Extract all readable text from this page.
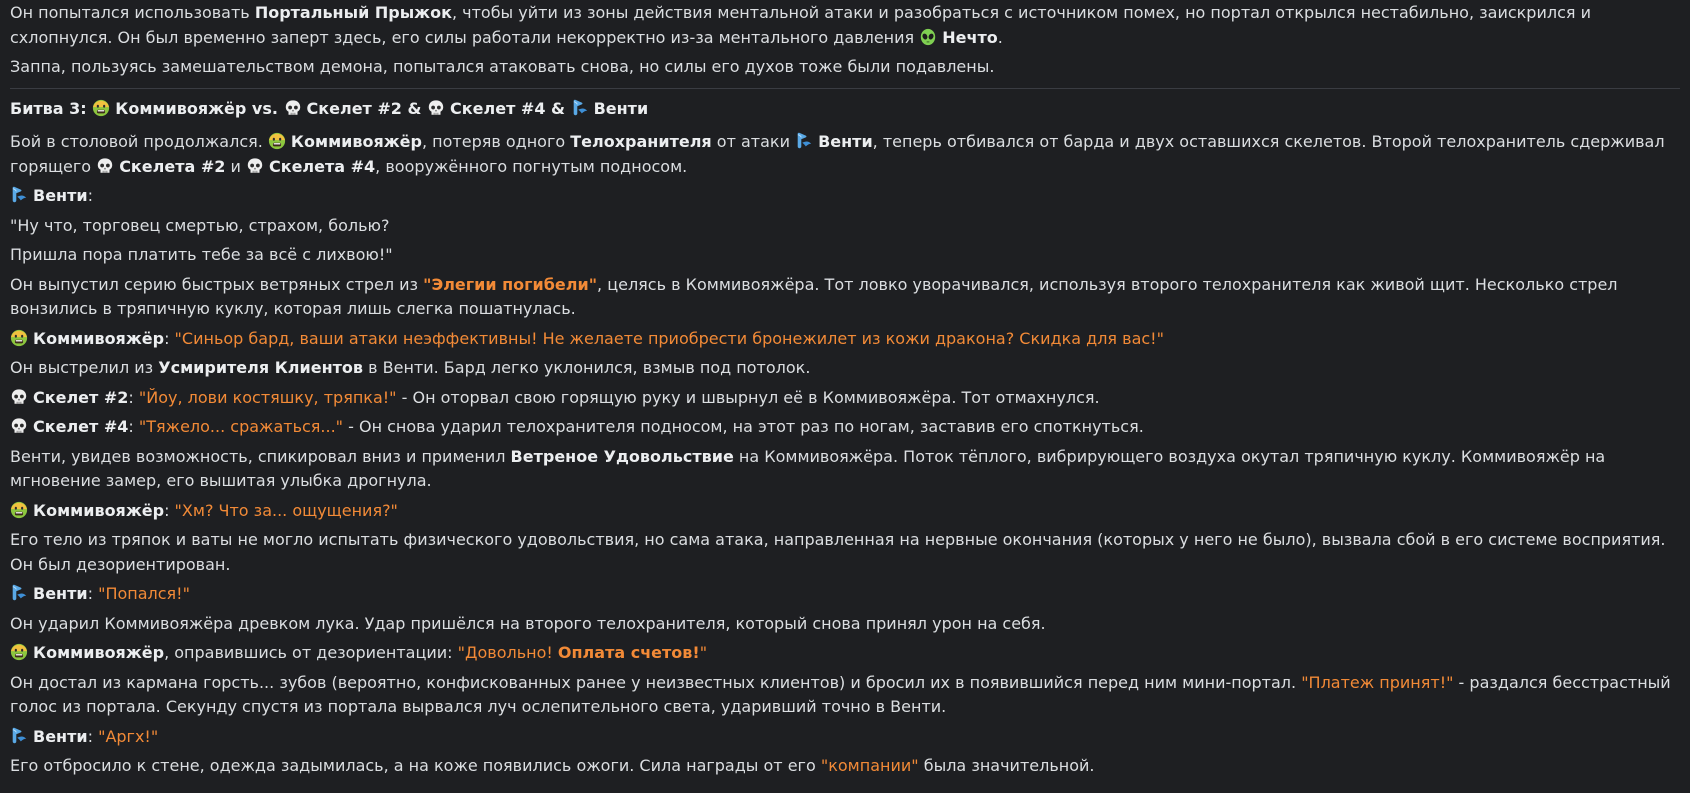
Он попытался использовать Портальный Прыжок, чтобы уйти из зоны действия ментальной атаки и разобраться с источником помех, но портал открылся нестабильно, заискрился и схлопнулся. Он был временно заперт здесь, его силы работали некорректно из-за ментального давления
Нечто.

Заппа, пользуясь замешательством демона, попытался атаковать снова, но силы его духов тоже были подавлены.

Битва 3: Коммивояжёр vs. Скелет #2 & Скелет #4 & Венти

Бой в столовой продолжался. Коммивояжёр, потеряв одного Телохранителя от атаки Венти, теперь отбивался от барда и двух оставшихся скелетов. Второй телохранитель сдерживал горящего Скелета #2 и Скелета #4, вооружённого погнутым подносом.

Венти:

"Ну что, торговец смертью, страхом, болью?

Пришла пора платить тебе за всё с лихвою!"

Он выпустил серию быстрых ветряных стрел из "Элегии погибели", целясь в Коммивояжёра. Тот ловко уворачивался, используя второго телохранителя как живой щит. Несколько стрел вонзились в тряпичную куклу, которая лишь слегка пошатнулась.

Коммивояжёр: "Синьор бард, ваши атаки неэффективны! Не желаете приобрести бронежилет из кожи дракона? Скидка для вас!"

Он выстрелил из Усмирителя Клиентов в Венти. Бард легко уклонился, взмыв под потолок.

Скелет #2: "Йоу, лови костяшку, тряпка!" - Он оторвал свою горящую руку и швырнул её в Коммивояжёра. Тот отмахнулся.

Скелет #4: "Тяжело... сражаться..." - Он снова ударил телохранителя подносом, на этот раз по ногам, заставив его споткнуться.

Венти, увидев возможность, спикировал вниз и применил Ветреное Удовольствие на Коммивояжёра. Поток тёплого, вибрирующего воздуха окутал тряпичную куклу. Коммивояжёр на мгновение замер, его вышитая улыбка дрогнула.

Коммивояжёр: "Хм? Что за... ощущения?"

Его тело из тряпок и ваты не могло испытать физического удовольствия, но сама атака, направленная на нервные окончания (которых у него не было), вызвала сбой в его системе восприятия. Он был дезориентирован.

Венти: "Попался!"

Он ударил Коммивояжёра древком лука. Удар пришёлся на второго телохранителя, который снова принял урон на себя.

Коммивояжёр, оправившись от дезориентации: "Довольно! Оплата счетов!"

Он достал из кармана горсть... зубов (вероятно, конфискованных ранее у неизвестных клиентов) и бросил их в появившийся перед ним мини-портал. "Платеж принят!" - раздался бесстрастный голос из портала. Секунду спустя из портала вырвался луч ослепительного света, ударивший точно в Венти.

Венти: "Аргх!"

Его отбросило к стене, одежда задымилась, а на коже появились ожоги. Сила награды от его "компании" была значительной.
